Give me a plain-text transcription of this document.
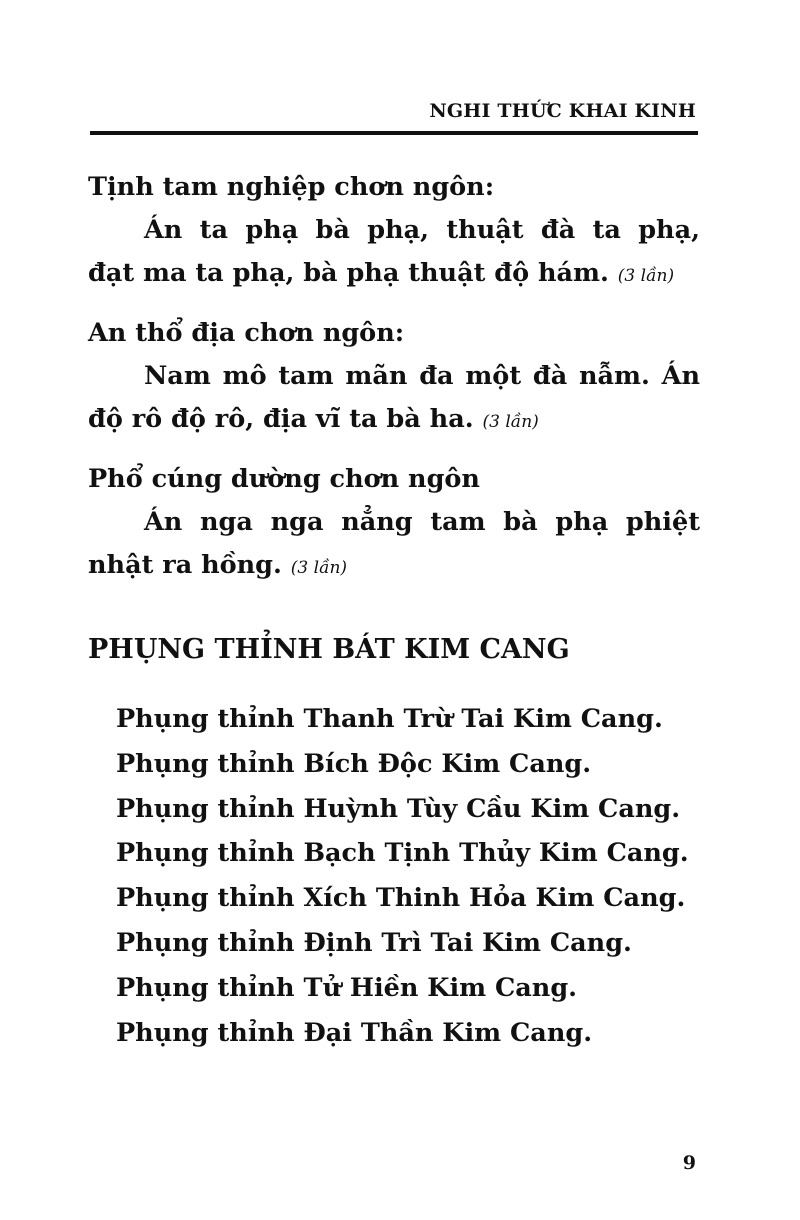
NGHI THỨC KHAI KINH
Tịnh tam nghiệp chơn ngôn:
Án ta phạ bà phạ, thuật đà ta phạ,
đạt ma ta phạ, bà phạ thuật độ hám. (3 lần)
An thổ địa chơn ngôn:
Nam mô tam mãn đa một đà nẫm. Án
độ rô độ rô, địa vĩ ta bà ha. (3 lần)
Phổ cúng dường chơn ngôn
Án nga nga nẳng tam bà phạ phiệt
nhật ra hồng. (3 lần)
PHỤNG THỈNH BÁT KIM CANG
Phụng thỉnh Thanh Trừ Tai Kim Cang.
Phụng thỉnh Bích Độc Kim Cang.
Phụng thỉnh Huỳnh Tùy Cầu Kim Cang.
Phụng thỉnh Bạch Tịnh Thủy Kim Cang.
Phụng thỉnh Xích Thinh Hỏa Kim Cang.
Phụng thỉnh Định Trì Tai Kim Cang.
Phụng thỉnh Tử Hiền Kim Cang.
Phụng thỉnh Đại Thần Kim Cang.
9
